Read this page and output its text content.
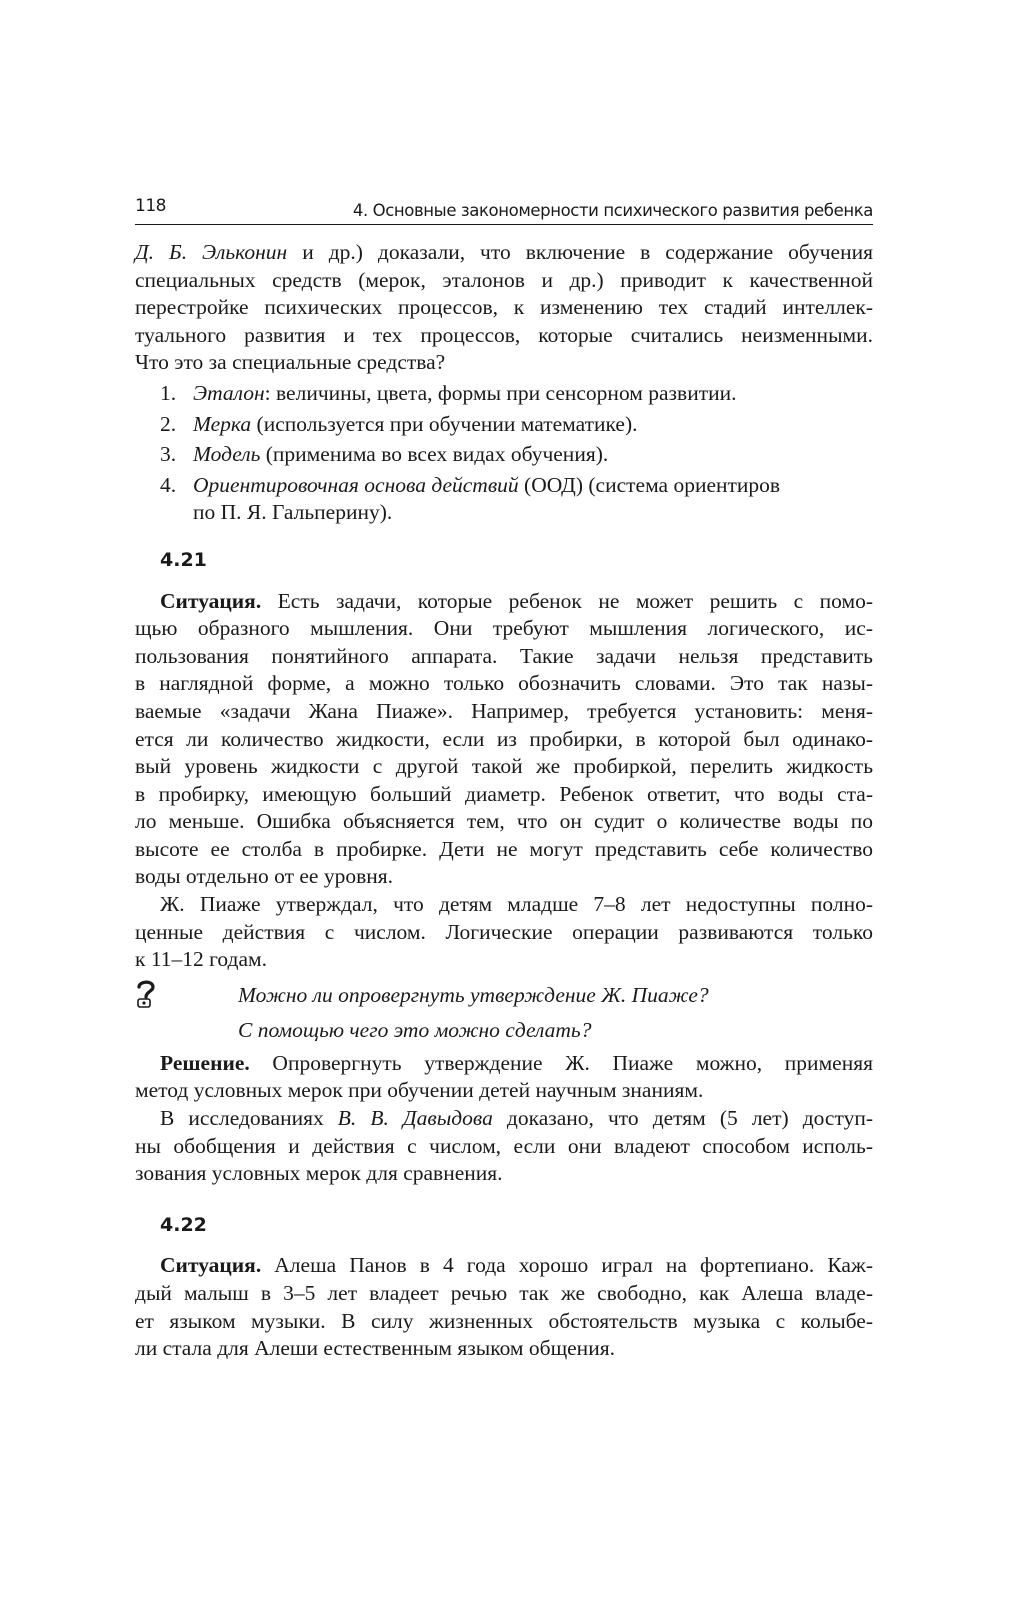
118	4. Основные закономерности психического развития ребенка

Д. Б. Эльконин и др.) доказали, что включение в содержание обучения
специальных средств (мерок, эталонов и др.) приводит к качественной
перестройке психических процессов, к изменению тех стадий интеллек-
туального развития и тех процессов, которые считались неизменными.
Что это за специальные средства?

1. Эталон: величины, цвета, формы при сенсорном развитии.
2. Мерка (используется при обучении математике).
3. Модель (применима во всех видах обучения).
4. Ориентировочная основа действий (ООД) (система ориентиров
по П. Я. Гальперину).
4.21

Ситуация. Есть задачи, которые ребенок не может решить с помо-
щью образного мышления. Они требуют мышления логического, ис-
пользования понятийного аппарата. Такие задачи нельзя представить
в наглядной форме, а можно только обозначить словами. Это так назы-
ваемые «задачи Жана Пиаже». Например, требуется установить: меня-
ется ли количество жидкости, если из пробирки, в которой был одинако-
вый уровень жидкости с другой такой же пробиркой, перелить жидкость
в пробирку, имеющую больший диаметр. Ребенок ответит, что воды ста-
ло меньше. Ошибка объясняется тем, что он судит о количестве воды по
высоте ее столба в пробирке. Дети не могут представить себе количество
воды отдельно от ее уровня.

Ж. Пиаже утверждал, что детям младше 7–8 лет недоступны полно-
ценные действия с числом. Логические операции развиваются только
к 11–12 годам.

Можно ли опровергнуть утверждение Ж. Пиаже?
С помощью чего это можно сделать?

Решение. Опровергнуть утверждение Ж. Пиаже можно, применяя
метод условных мерок при обучении детей научным знаниям.

В исследованиях В. В. Давыдова доказано, что детям (5 лет) доступ-
ны обобщения и действия с числом, если они владеют способом исполь-
зования условных мерок для сравнения.

4.22

Ситуация. Алеша Панов в 4 года хорошо играл на фортепиано. Каж-
дый малыш в 3–5 лет владеет речью так же свободно, как Алеша владе-
ет языком музыки. В силу жизненных обстоятельств музыка с колыбе-
ли стала для Алеши естественным языком общения.
